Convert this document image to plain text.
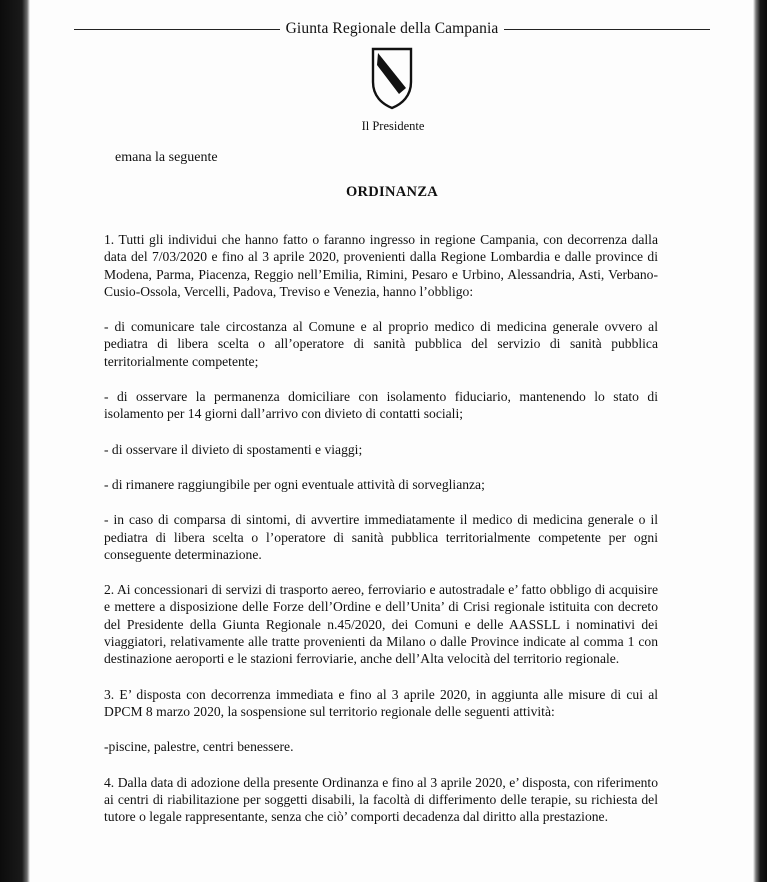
Giunta Regionale della Campania
Il Presidente
emana la seguente
ORDINANZA

1. Tutti gli individui che hanno fatto o faranno ingresso in regione Campania, con decorrenza dalla data del 7/03/2020 e fino al 3 aprile 2020, provenienti dalla Regione Lombardia e dalle province di Modena, Parma, Piacenza, Reggio nell’Emilia, Rimini, Pesaro e Urbino, Alessandria, Asti, Verbano-Cusio-Ossola, Vercelli, Padova, Treviso e Venezia, hanno l’obbligo:

- di comunicare tale circostanza al Comune e al proprio medico di medicina generale ovvero al pediatra di libera scelta o all’operatore di sanità pubblica del servizio di sanità pubblica territorialmente competente;

- di osservare la permanenza domiciliare con isolamento fiduciario, mantenendo lo stato di isolamento per 14 giorni dall’arrivo con divieto di contatti sociali;

- di osservare il divieto di spostamenti e viaggi;

- di rimanere raggiungibile per ogni eventuale attività di sorveglianza;

- in caso di comparsa di sintomi, di avvertire immediatamente il medico di medicina generale o il pediatra di libera scelta o l’operatore di sanità pubblica territorialmente competente per ogni conseguente determinazione.

2. Ai concessionari di servizi di trasporto aereo, ferroviario e autostradale e’ fatto obbligo di acquisire e mettere a disposizione delle Forze dell’Ordine e dell’Unita’ di Crisi regionale istituita con decreto del Presidente della Giunta Regionale n.45/2020, dei Comuni e delle AASSLL i nominativi dei viaggiatori, relativamente alle tratte provenienti da Milano o dalle Province indicate al comma 1 con destinazione aeroporti e le stazioni ferroviarie, anche dell’Alta velocità del territorio regionale.

3. E’ disposta con decorrenza immediata e fino al 3 aprile 2020, in aggiunta alle misure di cui al DPCM 8 marzo 2020, la sospensione sul territorio regionale delle seguenti attività:

-piscine, palestre, centri benessere.

4. Dalla data di adozione della presente Ordinanza e fino al 3 aprile 2020, e’ disposta, con riferimento ai centri di riabilitazione per soggetti disabili, la facoltà di differimento delle terapie, su richiesta del tutore o legale rappresentante, senza che ciò’ comporti decadenza dal diritto alla prestazione.
